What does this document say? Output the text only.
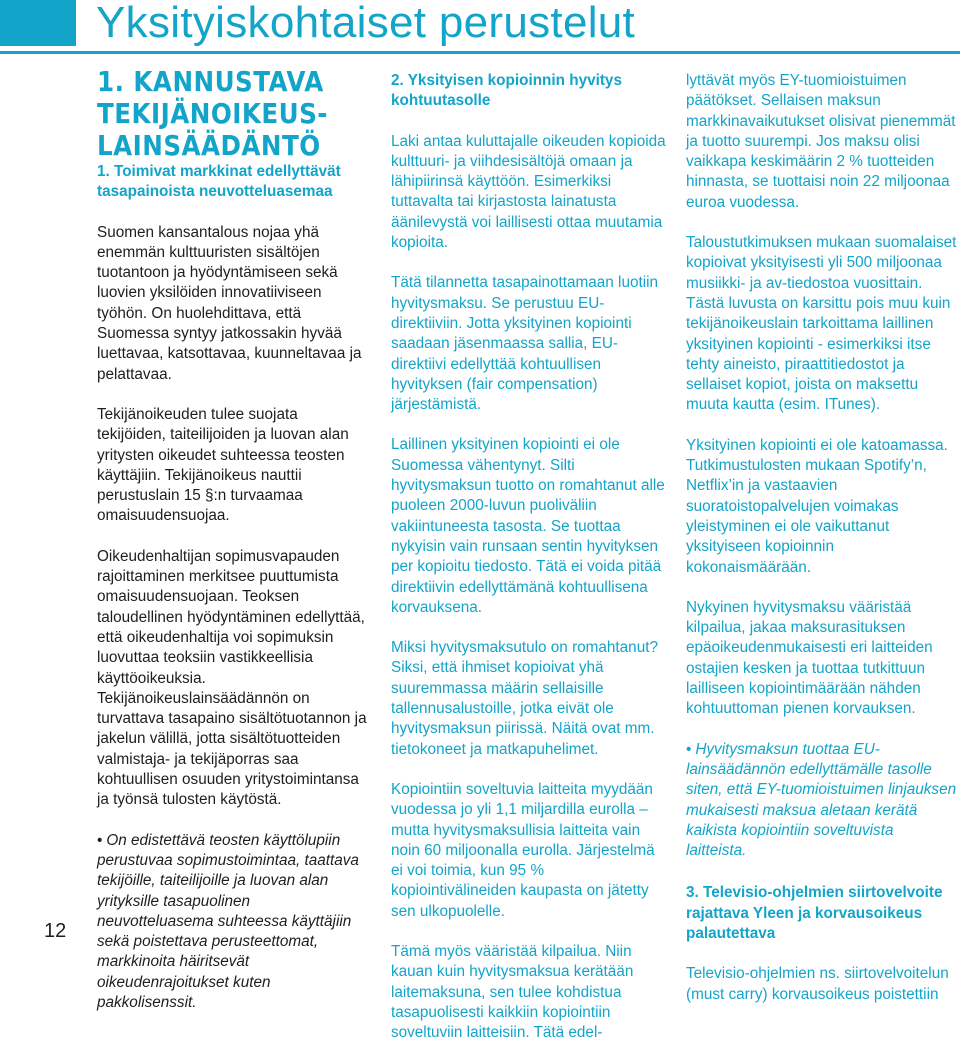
Yksityiskohtaiset perustelut
1. KANNUSTAVA TEKIJÄNOIKEUS-LAINSÄÄDÄNTÖ

1. Toimivat markkinat edellyttävät tasapainoista neuvotteluasemaa

Suomen kansantalous nojaa yhä enemmän kulttuuristen sisältöjen tuotantoon ja hyödyntämiseen sekä luovien yksilöiden innovatiiviseen työhön. On huolehdittava, että Suomessa syntyy jatkossakin hyvää luettavaa, katsottavaa, kuunneltavaa ja pelattavaa.

Tekijänoikeuden tulee suojata tekijöiden, taiteilijoiden ja luovan alan yritysten oikeudet suhteessa teosten käyttäjiin. Tekijänoikeus nauttii perustuslain 15 §:n turvaamaa omaisuudensuojaa.

Oikeudenhaltijan sopimusvapauden rajoittaminen merkitsee puuttumista omaisuudensuojaan. Teoksen taloudellinen hyödyntäminen edellyttää, että oikeudenhaltija voi sopimuksin luovuttaa teoksiin vastikkeellisia käyttöoikeuksia. Tekijänoikeuslainsäädännön on turvattava tasapaino sisältötuotannon ja jakelun välillä, jotta sisältötuotteiden valmistaja- ja tekijäporras saa kohtuullisen osuuden yritystoimintansa ja työnsä tulosten käytöstä.

• On edistettävä teosten käyttölupiin perustuvaa sopimustoimintaa, taattava tekijöille, taiteilijoille ja luovan alan yrityksille tasapuolinen neuvotteluasema suhteessa käyttäjiin sekä poistettava perusteettomat, markkinoita häiritsevät oikeudenrajoitukset kuten pakkolisenssit.

2. Yksityisen kopioinnin hyvitys kohtuutasolle

Laki antaa kuluttajalle oikeuden kopioida kulttuuri- ja viihdesisältöjä omaan ja lähipiirinsä käyttöön. Esimerkiksi tuttavalta tai kirjastosta lainatusta äänilevystä voi laillisesti ottaa muutamia kopioita.

Tätä tilannetta tasapainottamaan luotiin hyvitysmaksu. Se perustuu EU-direktiiviin. Jotta yksityinen kopiointi saadaan jäsenmaassa sallia, EU-direktiivi edellyttää kohtuullisen hyvityksen (fair compensation) järjestämistä.

Laillinen yksityinen kopiointi ei ole Suomessa vähentynyt. Silti hyvitysmaksun tuotto on romahtanut alle puoleen 2000-luvun puoliväliin vakiintuneesta tasosta. Se tuottaa nykyisin vain runsaan sentin hyvityksen per kopioitu tiedosto. Tätä ei voida pitää direktiivin edellyttämänä kohtuullisena korvauksena.

Miksi hyvitysmaksutulo on romahtanut? Siksi, että ihmiset kopioivat yhä suuremmassa määrin sellaisille tallennusalustoille, jotka eivät ole hyvitysmaksun piirissä. Näitä ovat mm. tietokoneet ja matkapuhelimet.

Kopiointiin soveltuvia laitteita myydään vuodessa jo yli 1,1 miljardilla eurolla – mutta hyvitysmaksullisia laitteita vain noin 60 miljoonalla eurolla. Järjestelmä ei voi toimia, kun 95 % kopiointivälineiden kaupasta on jätetty sen ulkopuolelle.

Tämä myös vääristää kilpailua. Niin kauan kuin hyvitysmaksua kerätään laitemaksuna, sen tulee kohdistua tasapuolisesti kaikkiin kopiointiin soveltuviin laitteisiin. Tätä edel-

lyttävät myös EY-tuomioistuimen päätökset. Sellaisen maksun markkinavaikutukset olisivat pienemmät ja tuotto suurempi. Jos maksu olisi vaikkapa keskimäärin 2 % tuotteiden hinnasta, se tuottaisi noin 22 miljoonaa euroa vuodessa.

Taloustutkimuksen mukaan suomalaiset kopioivat yksityisesti yli 500 miljoonaa musiikki- ja av-tiedostoa vuosittain. Tästä luvusta on karsittu pois muu kuin tekijänoikeuslain tarkoittama laillinen yksityinen kopiointi - esimerkiksi itse tehty aineisto, piraattitiedostot ja sellaiset kopiot, joista on maksettu muuta kautta (esim. ITunes).

Yksityinen kopiointi ei ole katoamassa. Tutkimustulosten mukaan Spotify’n, Netflix’in ja vastaavien suoratoistopalvelujen voimakas yleistyminen ei ole vaikuttanut yksityiseen kopioinnin kokonaismäärään.

Nykyinen hyvitysmaksu vääristää kilpailua, jakaa maksurasituksen epäoikeudenmukaisesti eri laitteiden ostajien kesken ja tuottaa tutkittuun lailliseen kopiointimäärään nähden kohtuuttoman pienen korvauksen.

• Hyvitysmaksun tuottaa EU-lainsäädännön edellyttämälle tasolle siten, että EY-tuomioistuimen linjauksen mukaisesti maksua aletaan kerätä kaikista kopiointiin soveltuvista laitteista.

3. Televisio-ohjelmien siirtovelvoite rajattava Yleen ja korvausoikeus palautettava

Televisio-ohjelmien ns. siirtovelvoitelun (must carry) korvausoikeus poistettiin

12
